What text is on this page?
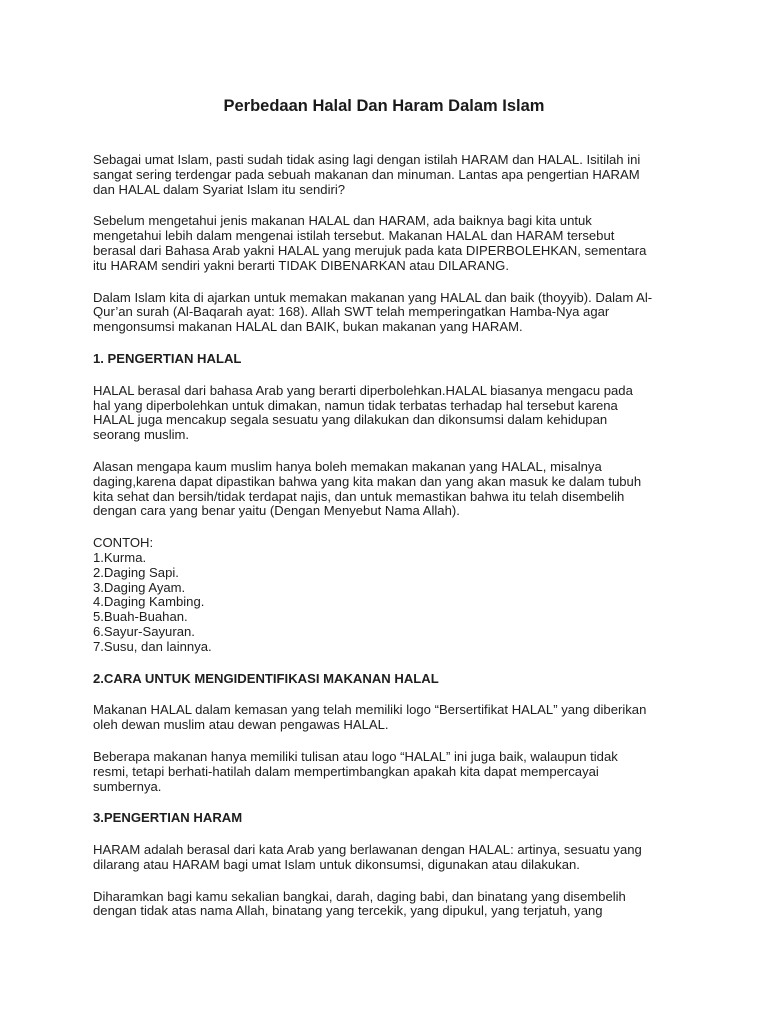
Perbedaan Halal Dan Haram Dalam Islam

Sebagai umat Islam, pasti sudah tidak asing lagi dengan istilah HARAM dan HALAL. Isitilah ini
sangat sering terdengar pada sebuah makanan dan minuman. Lantas apa pengertian HARAM
dan HALAL dalam Syariat Islam itu sendiri?

Sebelum mengetahui jenis makanan HALAL dan HARAM, ada baiknya bagi kita untuk
mengetahui lebih dalam mengenai istilah tersebut. Makanan HALAL dan HARAM tersebut
berasal dari Bahasa Arab yakni HALAL yang merujuk pada kata DIPERBOLEHKAN, sementara
itu HARAM sendiri yakni berarti TIDAK DIBENARKAN atau DILARANG.

Dalam Islam kita di ajarkan untuk memakan makanan yang HALAL dan baik (thoyyib). Dalam Al-
Qur’an surah (Al-Baqarah ayat: 168). Allah SWT telah memperingatkan Hamba-Nya agar
mengonsumsi makanan HALAL dan BAIK, bukan makanan yang HARAM.

1. PENGERTIAN HALAL

HALAL berasal dari bahasa Arab yang berarti diperbolehkan.HALAL biasanya mengacu pada
hal yang diperbolehkan untuk dimakan, namun tidak terbatas terhadap hal tersebut karena
HALAL juga mencakup segala sesuatu yang dilakukan dan dikonsumsi dalam kehidupan
seorang muslim.

Alasan mengapa kaum muslim hanya boleh memakan makanan yang HALAL, misalnya
daging,karena dapat dipastikan bahwa yang kita makan dan yang akan masuk ke dalam tubuh
kita sehat dan bersih/tidak terdapat najis, dan untuk memastikan bahwa itu telah disembelih
dengan cara yang benar yaitu (Dengan Menyebut Nama Allah).

CONTOH:
1.Kurma.
2.Daging Sapi.
3.Daging Ayam.
4.Daging Kambing.
5.Buah-Buahan.
6.Sayur-Sayuran.
7.Susu, dan lainnya.

2.CARA UNTUK MENGIDENTIFIKASI MAKANAN HALAL

Makanan HALAL dalam kemasan yang telah memiliki logo “Bersertifikat HALAL” yang diberikan
oleh dewan muslim atau dewan pengawas HALAL.

Beberapa makanan hanya memiliki tulisan atau logo “HALAL” ini juga baik, walaupun tidak
resmi, tetapi berhati-hatilah dalam mempertimbangkan apakah kita dapat mempercayai
sumbernya.

3.PENGERTIAN HARAM

HARAM adalah berasal dari kata Arab yang berlawanan dengan HALAL: artinya, sesuatu yang
dilarang atau HARAM bagi umat Islam untuk dikonsumsi, digunakan atau dilakukan.

Diharamkan bagi kamu sekalian bangkai, darah, daging babi, dan binatang yang disembelih
dengan tidak atas nama Allah, binatang yang tercekik, yang dipukul, yang terjatuh, yang
